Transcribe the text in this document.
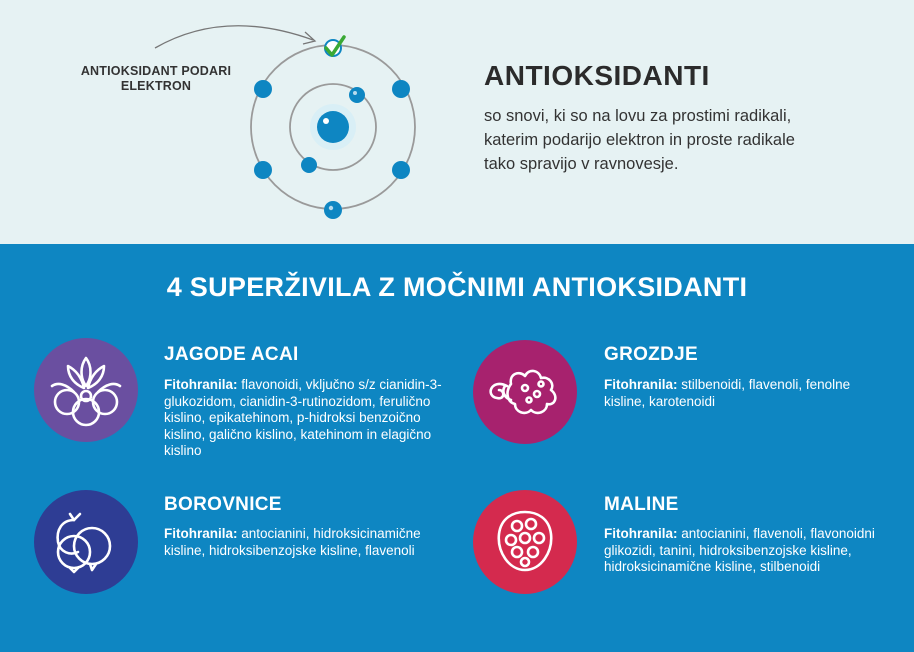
ANTIOKSIDANT PODARI ELEKTRON	ANTIOKSIDANTI
so snovi, ki so na lovu za prostimi radikali, katerim podarijo elektron in proste radikale tako spravijo v ravnovesje.
4 SUPERŽIVILA Z MOČNIMI ANTIOKSIDANTI
JAGODE ACAI
Fitohranila: flavonoidi, vključno s/z cianidin-3-glukozidom, cianidin-3-rutinozidom, ferulično kislino, epikatehinom, p-hidroksi benzoično kislino, galično kislino, katehinom in elagično kislino
GROZDJE
Fitohranila: stilbenoidi, flavenoli, fenolne kisline, karotenoidi
BOROVNICE
Fitohranila: antocianini, hidroksicinamične kisline, hidroksibenzojske kisline, flavenoli
MALINE
Fitohranila: antocianini, flavenoli, flavonoidni glikozidi, tanini, hidroksibenzojske kisline, hidroksicinamične kisline, stilbenoidi
